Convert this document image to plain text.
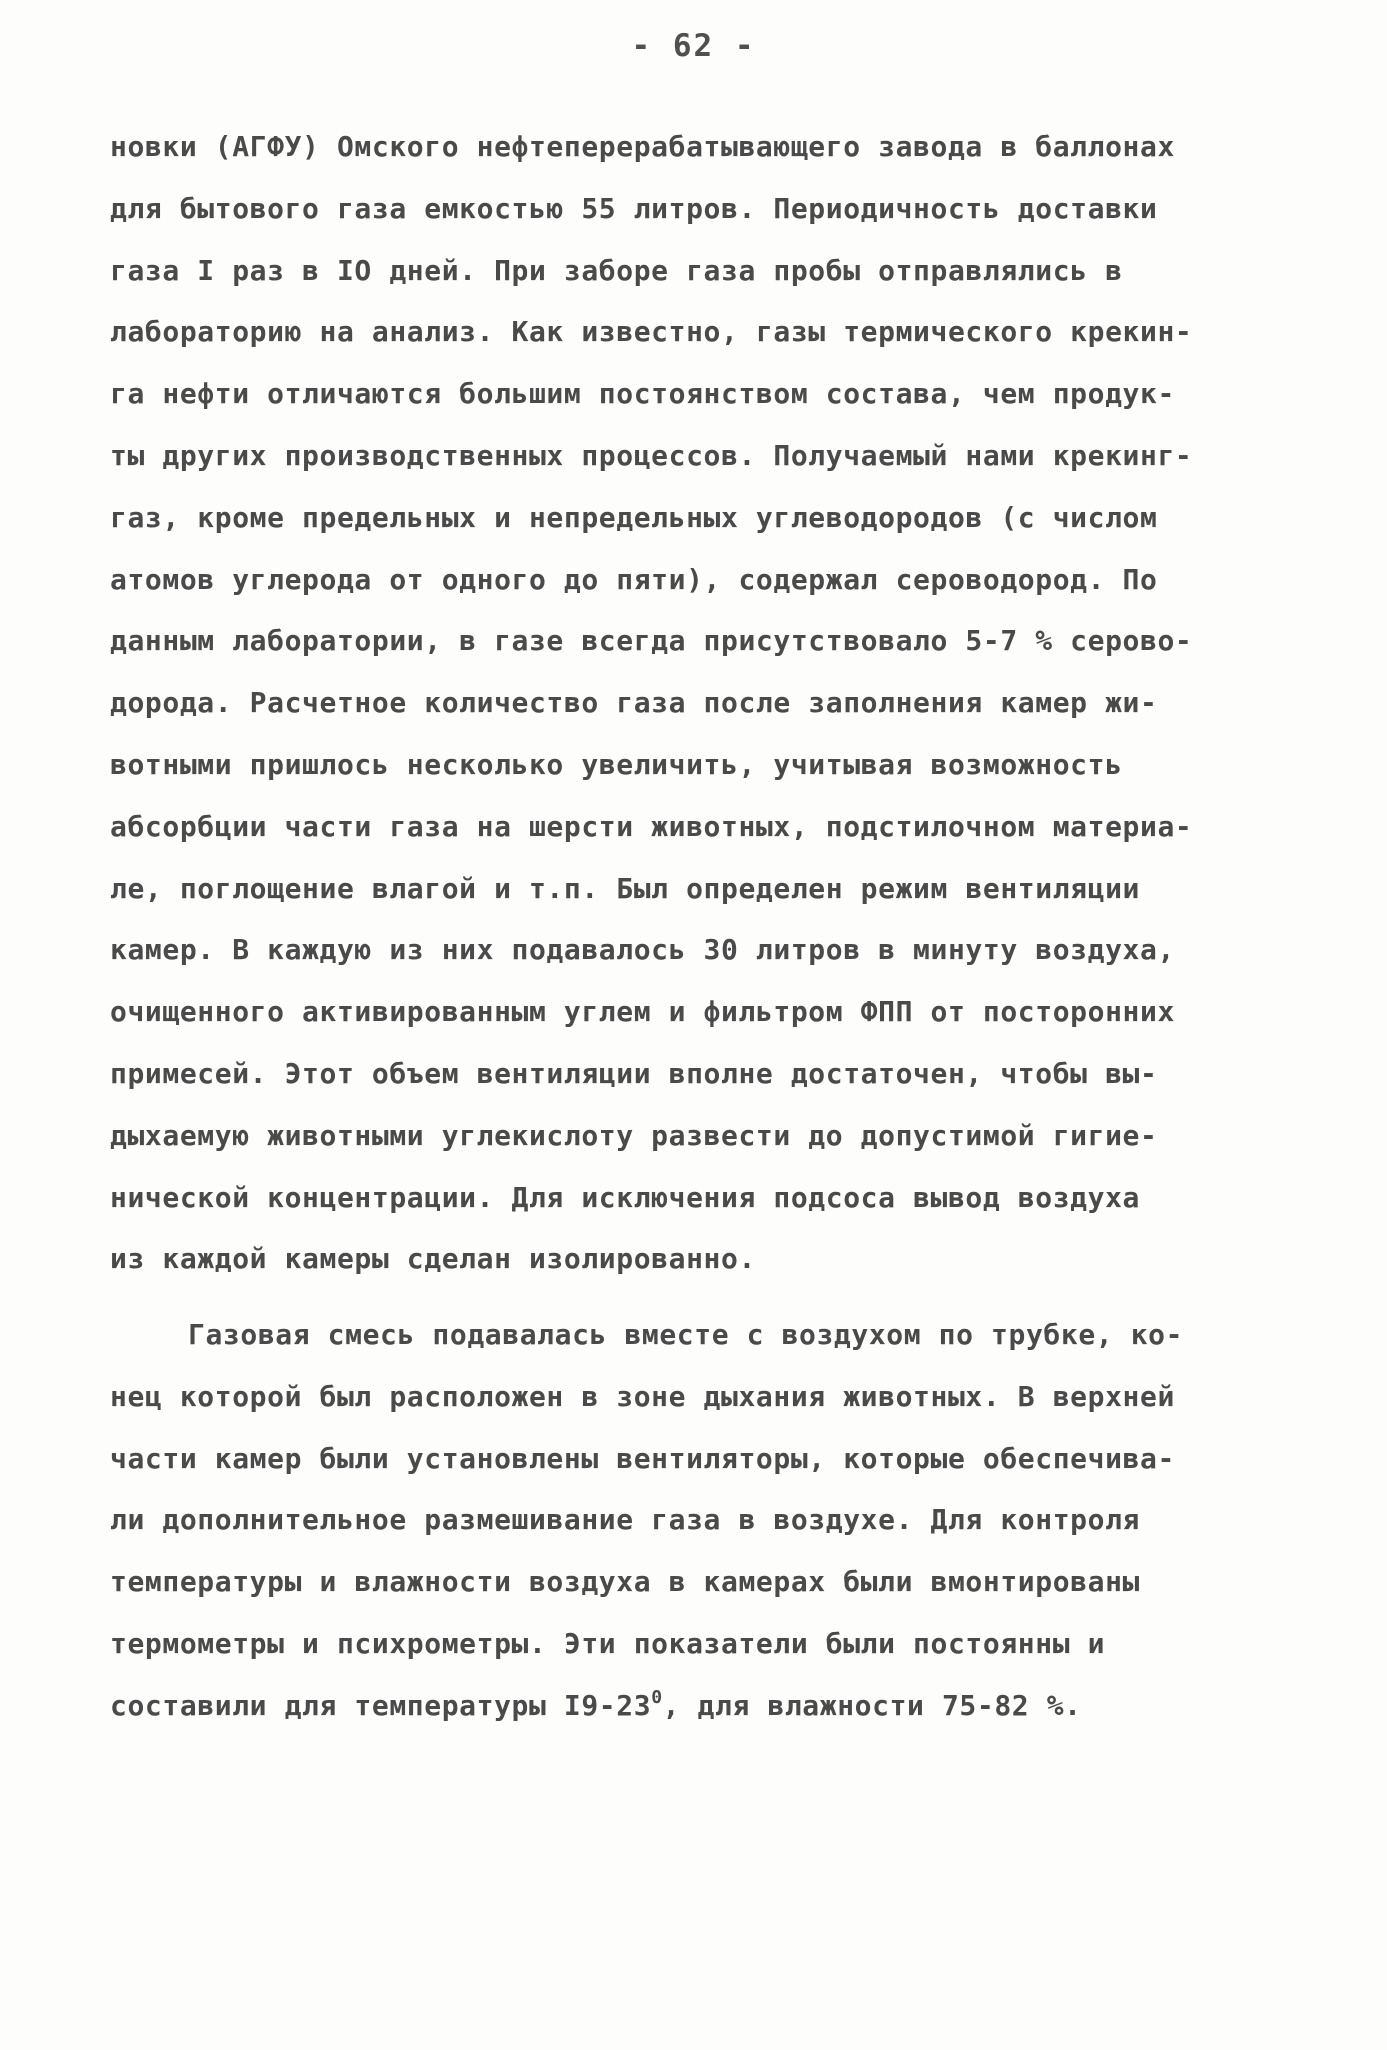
- 62 -
новки (АГФУ) Омского нефтеперерабатывающего завода в баллонах
для бытового газа емкостью 55 литров. Периодичность доставки
газа I раз в IO дней. При заборе газа пробы отправлялись в
лабораторию на анализ. Как известно, газы термического крекин-
га нефти отличаются большим постоянством состава, чем продук-
ты других производственных процессов. Получаемый нами крекинг-
газ, кроме предельных и непредельных углеводородов (с числом
атомов углерода от одного до пяти), содержал сероводород. По
данным лаборатории, в газе всегда присутствовало 5-7 % серово-
дорода. Расчетное количество газа после заполнения камер жи-
вотными пришлось несколько увеличить, учитывая возможность
абсорбции части газа на шерсти животных, подстилочном материа-
ле, поглощение влагой и т.п. Был определен режим вентиляции
камер. В каждую из них подавалось 30 литров в минуту воздуха,
очищенного активированным углем и фильтром ФПП от посторонних
примесей. Этот объем вентиляции вполне достаточен, чтобы вы-
дыхаемую животными углекислоту развести до допустимой гигие-
нической концентрации. Для исключения подсоса вывод воздуха
из каждой камеры сделан изолированно.
Газовая смесь подавалась вместе с воздухом по трубке, ко-
нец которой был расположен в зоне дыхания животных. В верхней
части камер были установлены вентиляторы, которые обеспечива-
ли дополнительное размешивание газа в воздухе. Для контроля
температуры и влажности воздуха в камерах были вмонтированы
термометры и психрометры. Эти показатели были постоянны и
составили для температуры $I9-23^0$, для влажности 75-82 %.
